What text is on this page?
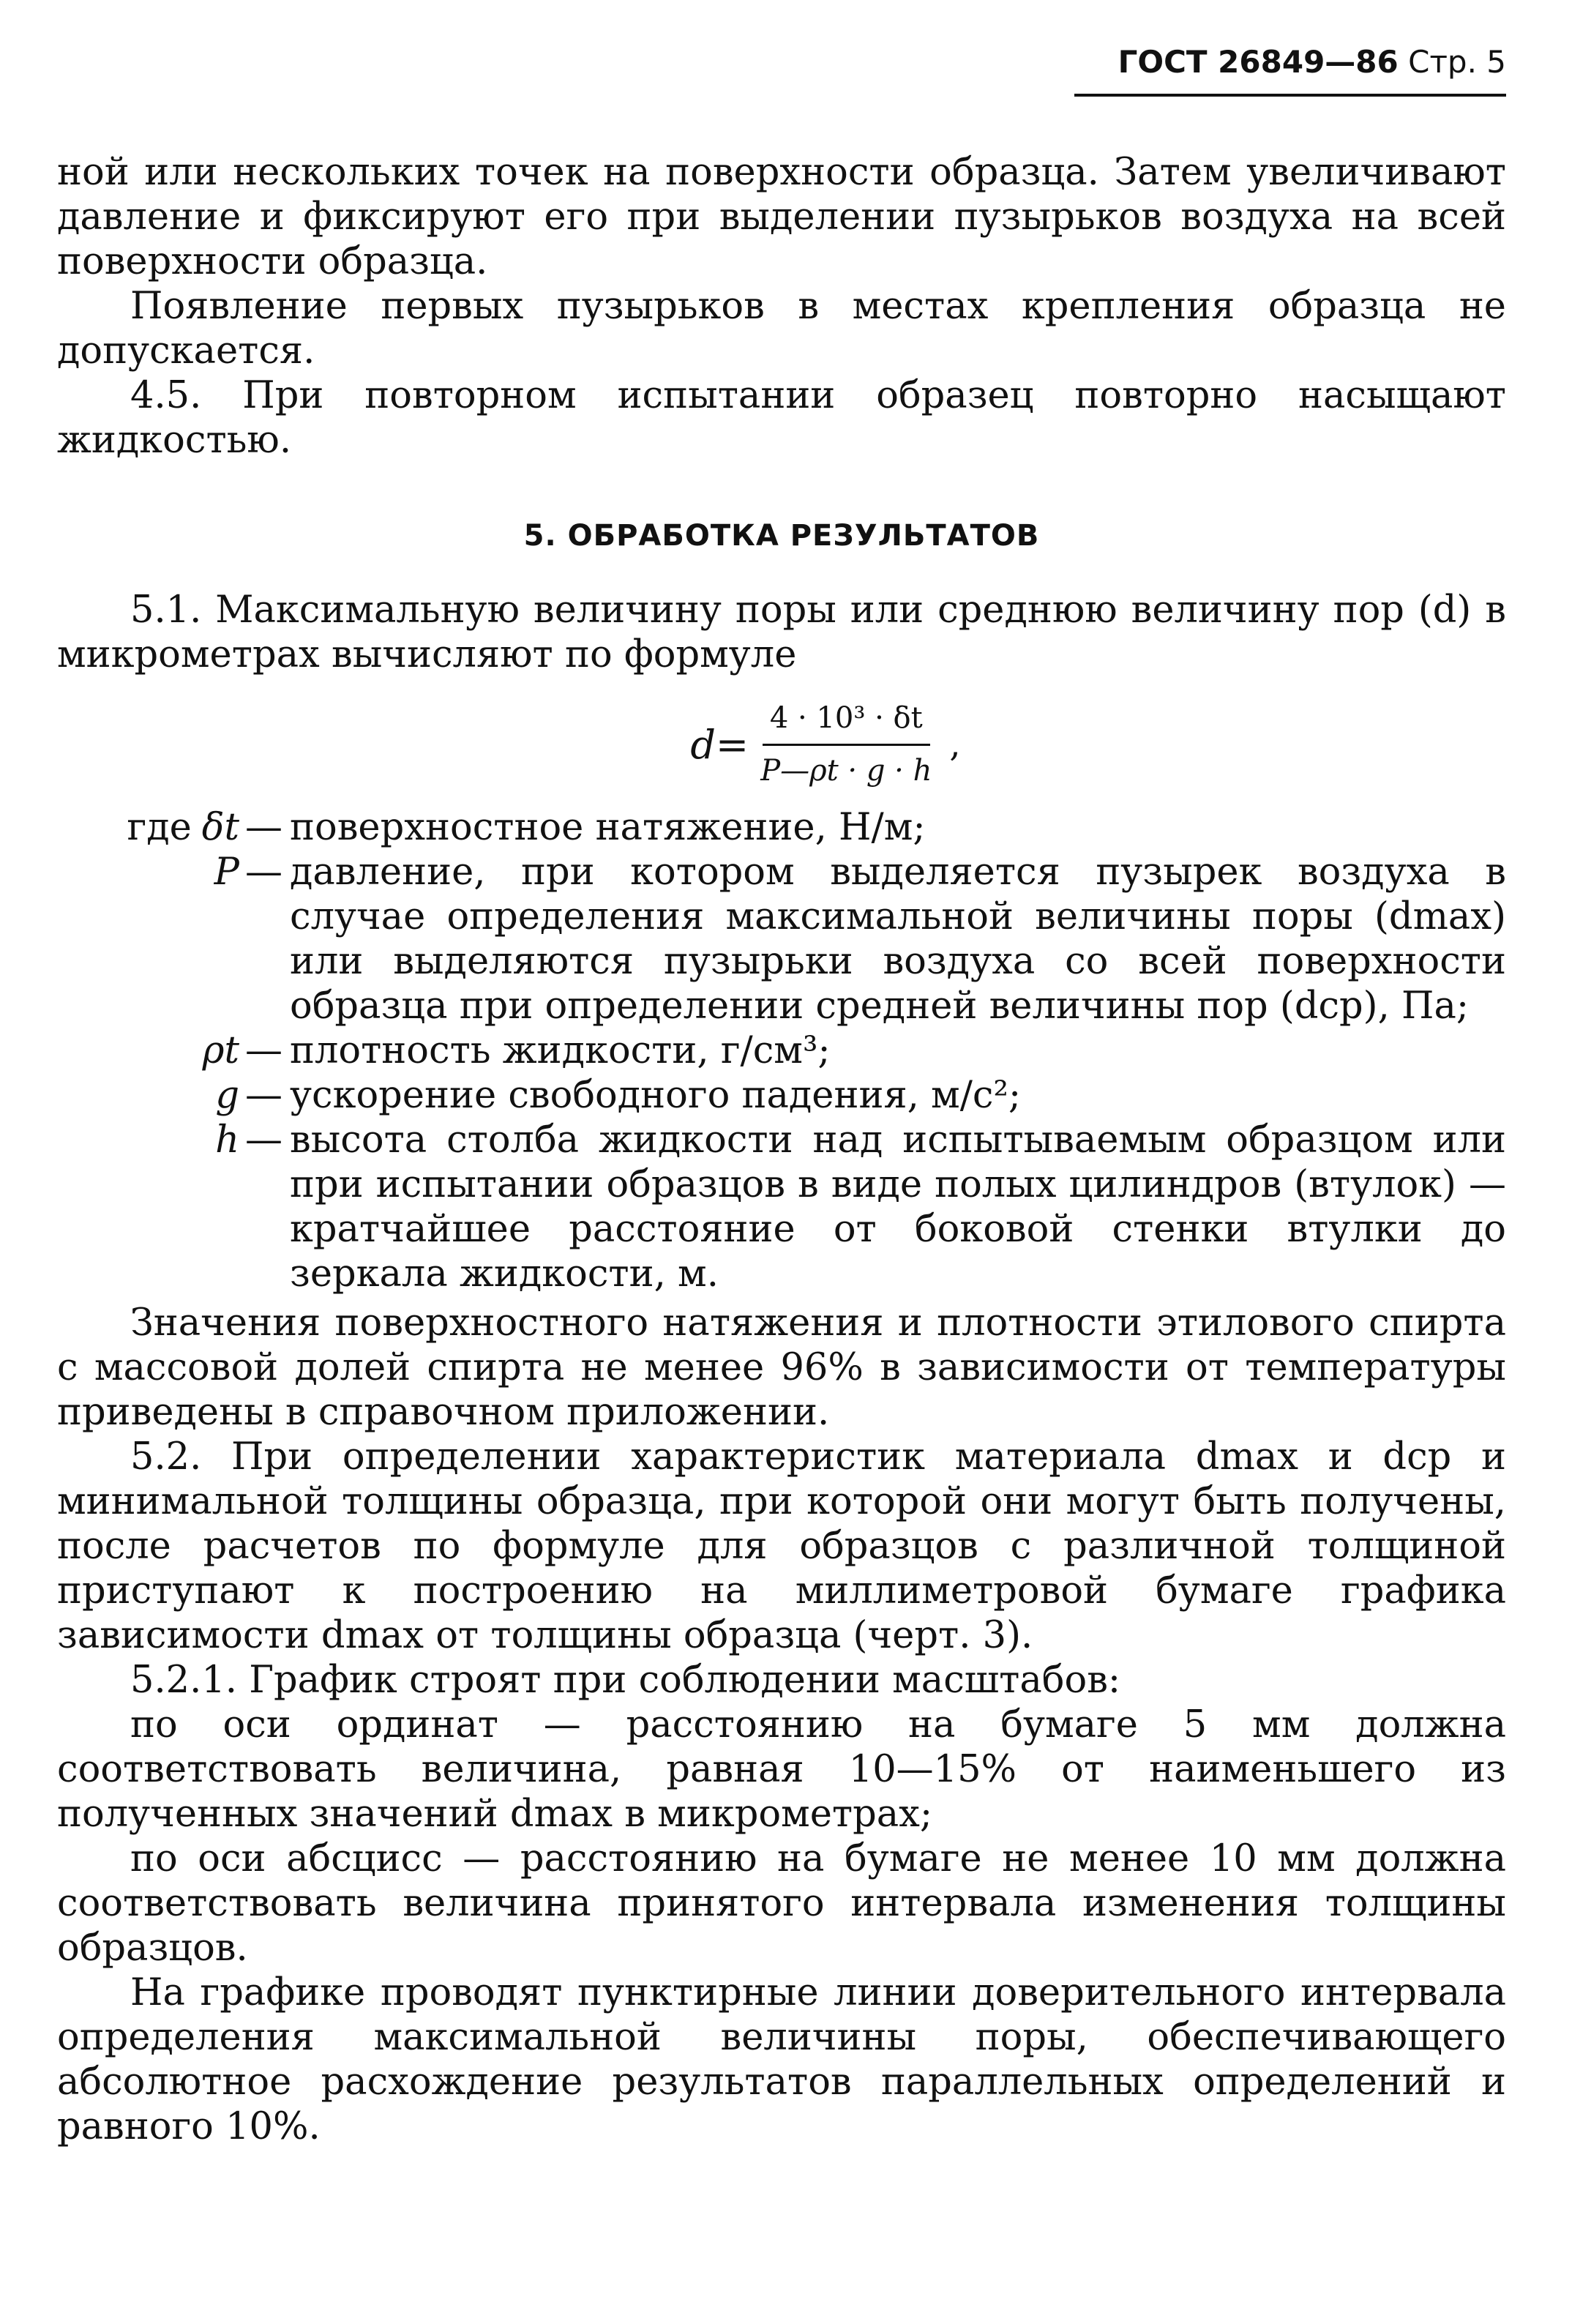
ГОСТ 26849—86 Стр. 5

ной или нескольких точек на поверхности образца. Затем увеличивают давление и фиксируют его при выделении пузырьков воздуха на всей поверхности образца.

Появление первых пузырьков в местах крепления образца не допускается.

4.5. При повторном испытании образец повторно насыщают жидкостью.

5. ОБРАБОТКА РЕЗУЛЬТАТОВ

5.1. Максимальную величину поры или среднюю величину пор (d) в микрометрах вычисляют по формуле

$d= \frac{\text{4 · 10³ · δt}}{P—\rho t \cdot g \cdot h}$ ,
где δt — поверхностное натяжение, Н/м;
P — давление, при котором выделяется пузырек воздуха в случае определения максимальной величины поры (dmax) или выделяются пузырьки воздуха со всей поверхности образца при определении средней величины пор (dср), Па;
ρt — плотность жидкости, г/см³;
g — ускорение свободного падения, м/с²;
h — высота столба жидкости над испытываемым образцом или при испытании образцов в виде полых цилиндров (втулок) — кратчайшее расстояние от боковой стенки втулки до зеркала жидкости, м.

Значения поверхностного натяжения и плотности этилового спирта с массовой долей спирта не менее 96% в зависимости от температуры приведены в справочном приложении.

5.2. При определении характеристик материала dmax и dср и минимальной толщины образца, при которой они могут быть получены, после расчетов по формуле для образцов с различной толщиной приступают к построению на миллиметровой бумаге графика зависимости dmax от толщины образца (черт. 3).

5.2.1. График строят при соблюдении масштабов:

по оси ординат — расстоянию на бумаге 5 мм должна соответствовать величина, равная 10—15% от наименьшего из полученных значений dmax в микрометрах;

по оси абсцисс — расстоянию на бумаге не менее 10 мм должна соответствовать величина принятого интервала изменения толщины образцов.

На графике проводят пунктирные линии доверительного интервала определения максимальной величины поры, обеспечивающего абсолютное расхождение результатов параллельных определений и равного 10%.
